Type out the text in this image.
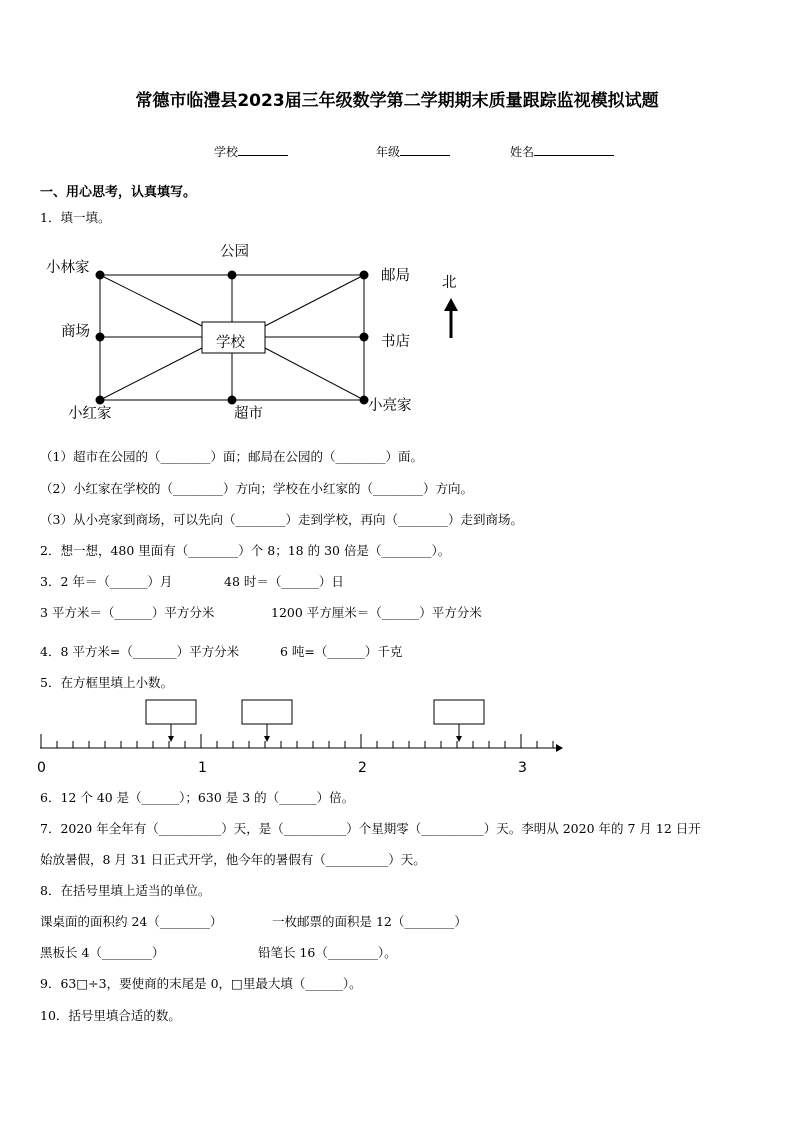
常德市临澧县2023届三年级数学第二学期期末质量跟踪监视模拟试题
学校	年级	姓名
一、用心思考，认真填写。
1．填一填。
公园
小林家	邮局
商场
学校	书店
小红家	超市	小亮家
北
（1）超市在公园的（________）面；邮局在公园的（________）面。
（2）小红家在学校的（________）方向；学校在小红家的（________）方向。
（3）从小亮家到商场，可以先向（________）走到学校，再向（________）走到商场。
2．想一想，480 里面有（________）个 8；18 的 30 倍是（________）。
3．2 年＝（______）月	48 时＝（______）日
3 平方米＝（______）平方分米	1200 平方厘米＝（______）平方分米
4．8 平方米=（_______）平方分米	6 吨=（______）千克
5．在方框里填上小数。
0	1	2	3
6．12 个 40 是（______）；630 是 3 的（______）倍。
7．2020 年全年有（__________）天，是（__________）个星期零（__________）天。李明从 2020 年的 7 月 12 日开
始放暑假，8 月 31 日正式开学，他今年的暑假有（__________）天。
8．在括号里填上适当的单位。
课桌面的面积约 24（________）	一枚邮票的面积是 12（________）
黑板长 4（________）	铅笔长 16（________）。
9．63□÷3，要使商的末尾是 0，□里最大填（______）。
10．括号里填合适的数。
